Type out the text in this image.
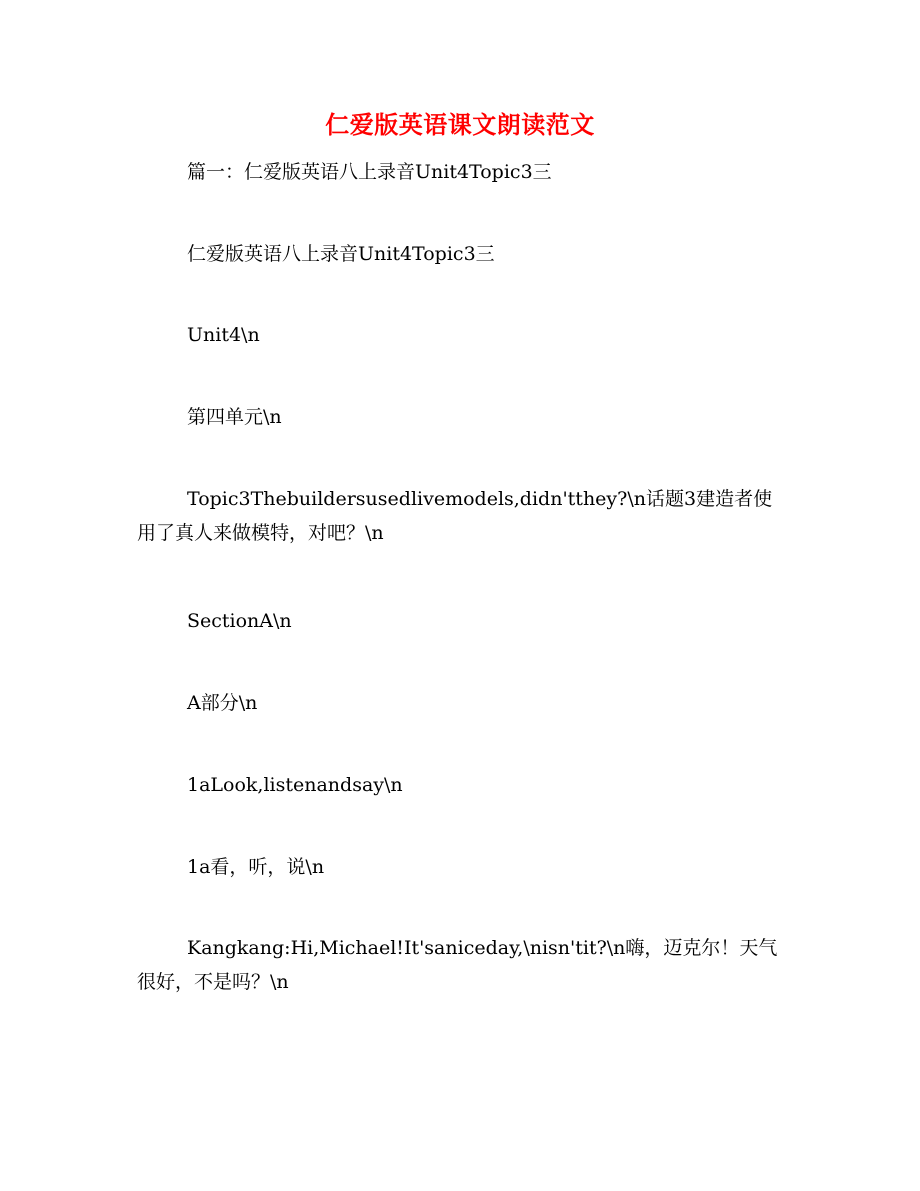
仁爱版英语课文朗读范文
篇一：仁爱版英语八上录音Unit4Topic3三
仁爱版英语八上录音Unit4Topic3三
Unit4\n
第四单元\n
Topic3Thebuildersusedlivemodels,didn'tthey?\n话题3建造者使用了真人来做模特，对吧？\n
SectionA\n
A部分\n
1aLook,listenandsay\n
1a看，听，说\n
Kangkang:Hi,Michael!It'saniceday,\nisn'tit?\n嗨，迈克尔！天气很好，不是吗？\n
